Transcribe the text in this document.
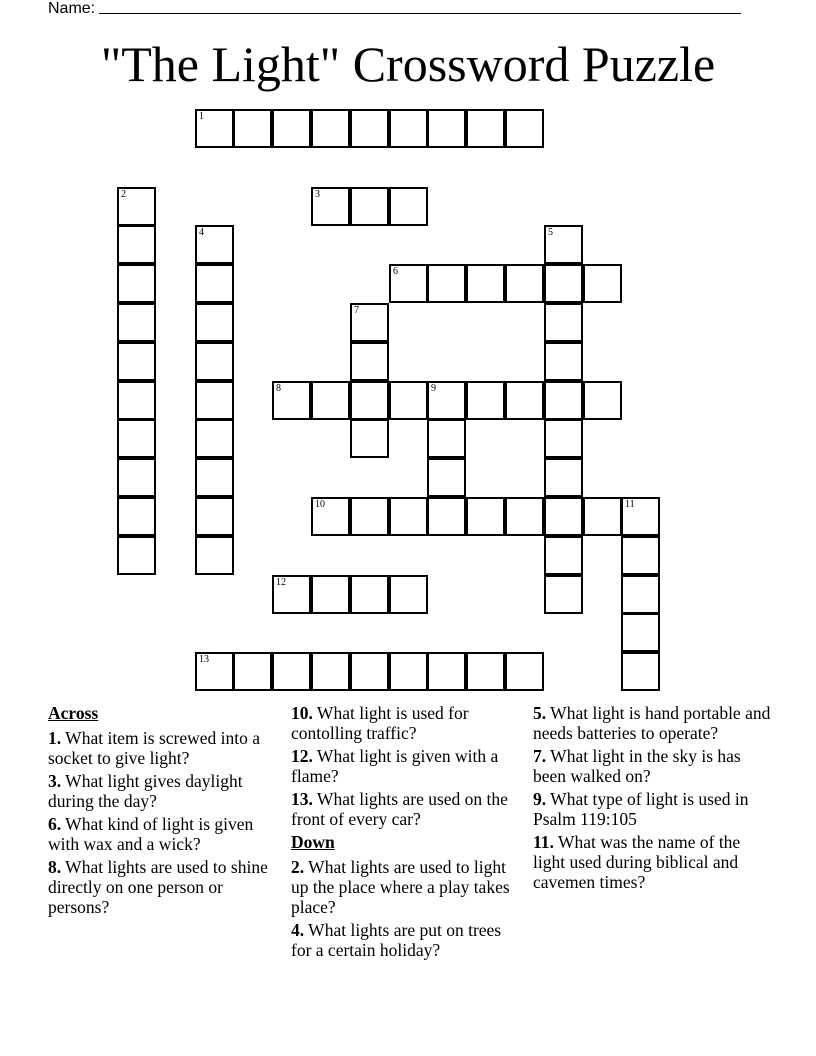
Name:
"The Light" Crossword Puzzle
1
2	3
4	5
6
7
8	9
10	11
12
13
Across
1. What item is screwed into a socket to give light?
3. What light gives daylight during the day?
6. What kind of light is given with wax and a wick?
8. What lights are used to shine directly on one person or persons?
10. What light is used for contolling traffic?
12. What light is given with a flame?
13. What lights are used on the front of every car?
Down
2. What lights are used to light up the place where a play takes place?
4. What lights are put on trees for a certain holiday?
5. What light is hand portable and needs batteries to operate?
7. What light in the sky is has been walked on?
9. What type of light is used in Psalm 119:105
11. What was the name of the light used during biblical and cavemen times?
